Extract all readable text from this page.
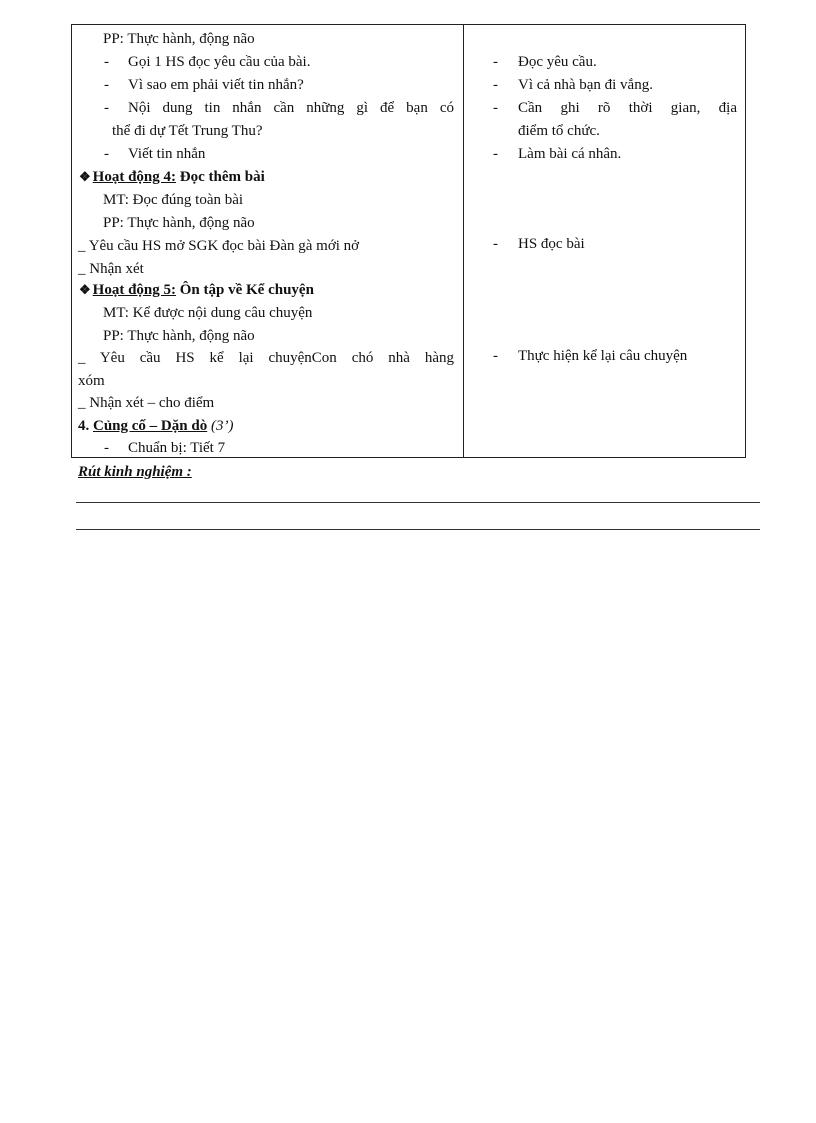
PP: Thực hành, động não
- Gọi 1 HS đọc yêu cầu của bài.
- Vì sao em phải viết tin nhắn?
- Nội dung tin nhắn cần những gì để bạn có
thể đi dự Tết Trung Thu?
- Viết tin nhắn
❖ Hoạt động 4: Đọc thêm bài
MT: Đọc đúng toàn bài
PP: Thực hành, động não
_ Yêu cầu HS mở SGK đọc bài Đàn gà mới nở
_ Nhận xét
❖ Hoạt động 5: Ôn tập về Kể chuyện
MT: Kể được nội dung câu chuyện
PP: Thực hành, động não
_ Yêu cầu HS kể lại chuyệnCon chó nhà hàng
xóm
_ Nhận xét – cho điểm
4. Củng cố – Dặn dò (3’)
- Chuẩn bị: Tiết 7
- Đọc yêu cầu.
- Vì cả nhà bạn đi vắng.
- Cần ghi rõ thời gian, địa
điểm tổ chức.
- Làm bài cá nhân.
- HS đọc bài
- Thực hiện kể lại câu chuyện
Rút kinh nghiệm :
